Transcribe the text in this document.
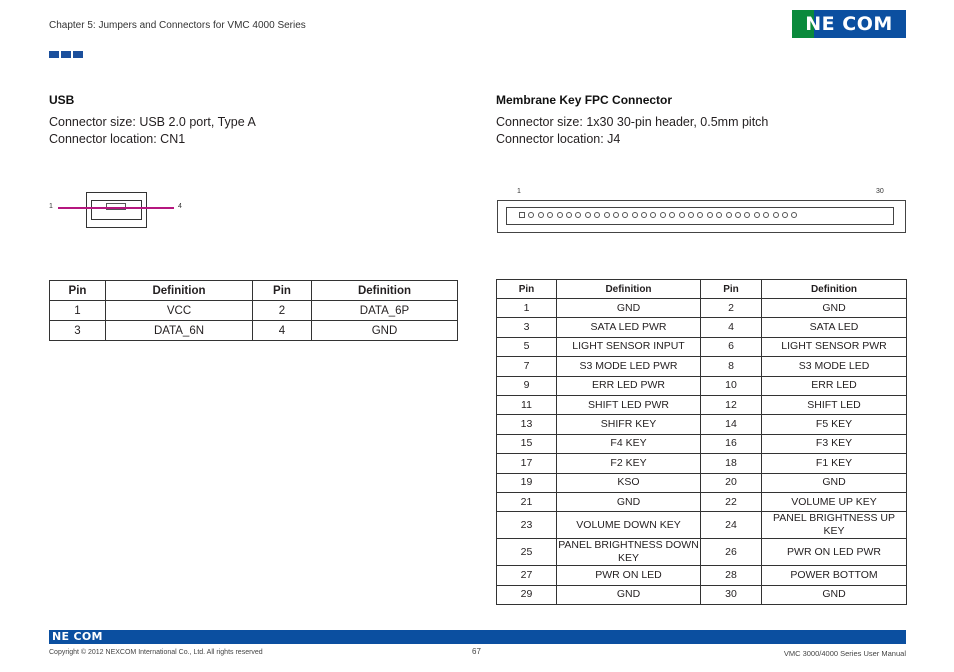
Chapter 5: Jumpers and Connectors for VMC 4000 Series	NE COM
USB
Connector size: USB 2.0 port, Type A
Connector location: CN1
1	4
Pin	Definition	Pin	Definition
1	VCC	2	DATA_6P
3	DATA_6N	4	GND
Membrane Key FPC Connector
Connector size: 1x30 30-pin header, 0.5mm pitch
Connector location: J4
1	30
Pin	Definition	Pin	Definition
1	GND	2	GND
3	SATA LED PWR	4	SATA LED
5	LIGHT SENSOR INPUT	6	LIGHT SENSOR PWR
7	S3 MODE LED PWR	8	S3 MODE LED
9	ERR LED PWR	10	ERR LED
11	SHIFT LED PWR	12	SHIFT LED
13	SHIFR KEY	14	F5 KEY
15	F4 KEY	16	F3 KEY
17	F2 KEY	18	F1 KEY
19	KSO	20	GND
21	GND	22	VOLUME UP KEY
23	VOLUME DOWN KEY	24	PANEL BRIGHTNESS UP KEY
25	PANEL BRIGHTNESS DOWN KEY	26	PWR ON LED PWR
27	PWR ON LED	28	POWER BOTTOM
29	GND	30	GND
NE COM
Copyright © 2012 NEXCOM International Co., Ltd. All rights reserved	67	VMC 3000/4000 Series User Manual
